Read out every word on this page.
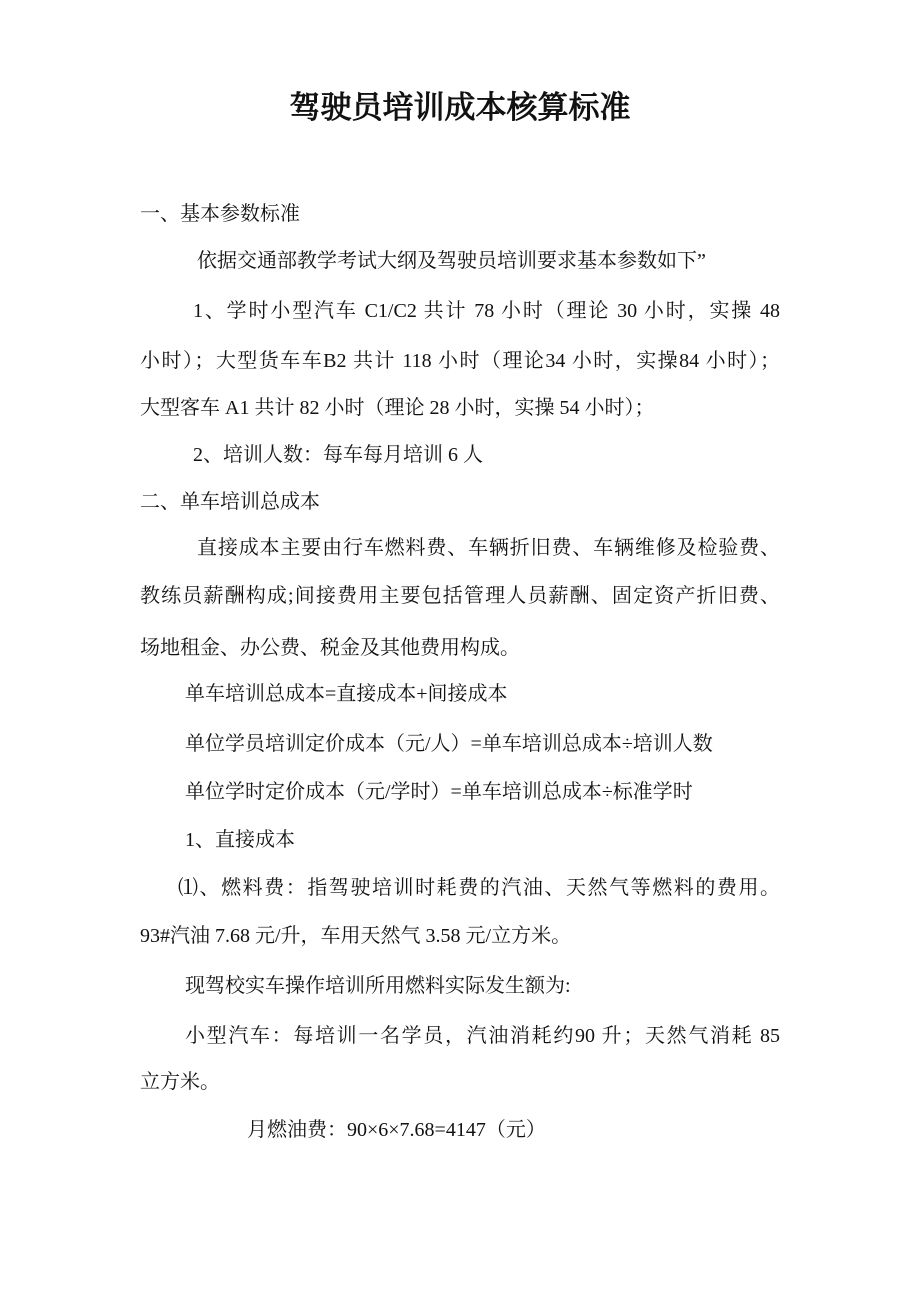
驾驶员培训成本核算标准
一、基本参数标准
依据交通部教学考试大纲及驾驶员培训要求基本参数如下”
1、学时小型汽车 C1/C2 共计 78 小时（理论 30 小时，实操 48
小时）；大型货车车B2 共计 118 小时（理论34 小时，实操84 小时）；
大型客车 A1 共计 82 小时（理论 28 小时，实操 54 小时）；
2、培训人数：每车每月培训 6 人
二、单车培训总成本
直接成本主要由行车燃料费、车辆折旧费、车辆维修及检验费、
教练员薪酬构成;间接费用主要包括管理人员薪酬、固定资产折旧费、
场地租金、办公费、税金及其他费用构成。
单车培训总成本=直接成本+间接成本
单位学员培训定价成本（元/人）=单车培训总成本÷培训人数
单位学时定价成本（元/学时）=单车培训总成本÷标准学时
1、直接成本
⑴、燃料费：指驾驶培训时耗费的汽油、天然气等燃料的费用。
93#汽油 7.68 元/升，车用天然气 3.58 元/立方米。
现驾校实车操作培训所用燃料实际发生额为:
小型汽车：每培训一名学员，汽油消耗约90 升；天然气消耗 85
立方米。
月燃油费：90×6×7.68=4147（元）
